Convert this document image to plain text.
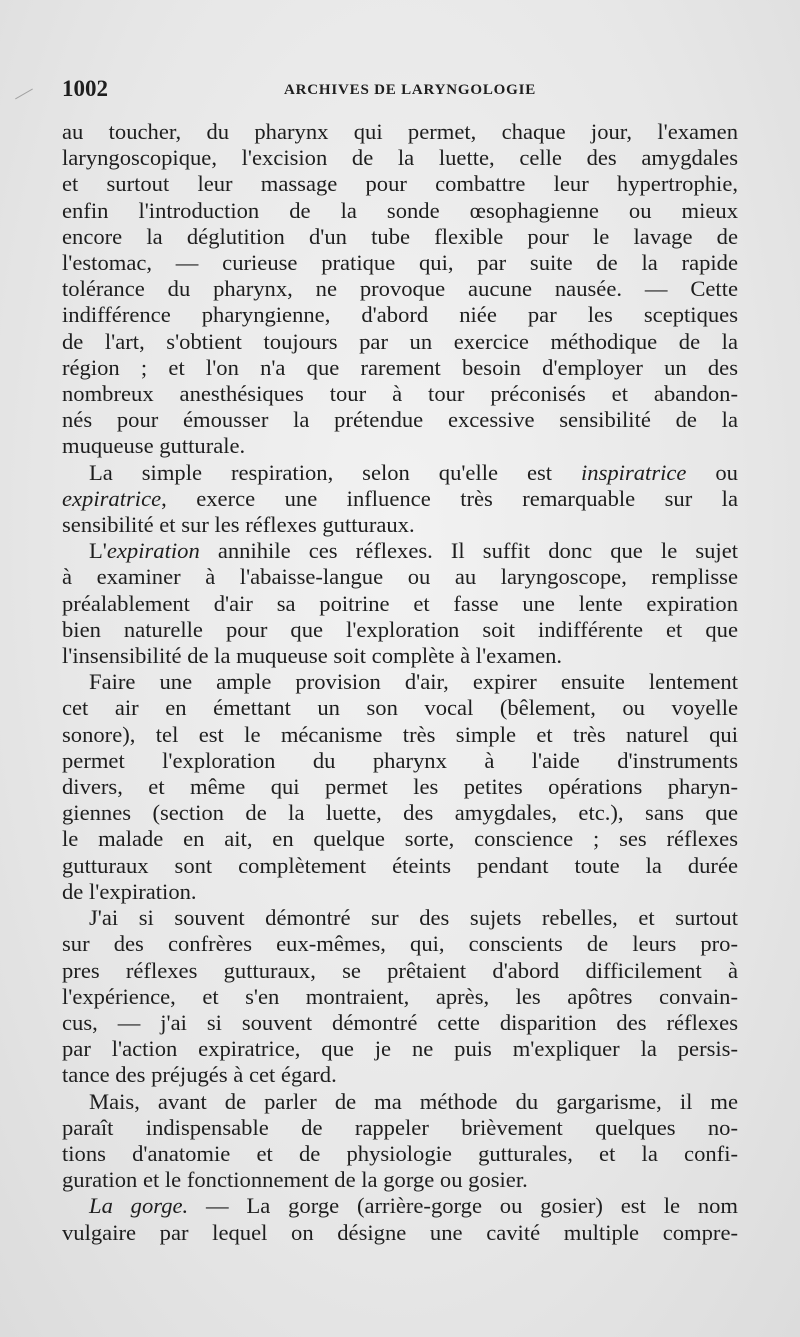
1002	ARCHIVES DE LARYNGOLOGIE
au toucher, du pharynx qui permet, chaque jour, l'examen
laryngoscopique, l'excision de la luette, celle des amygdales
et surtout leur massage pour combattre leur hypertrophie,
enfin l'introduction de la sonde œsophagienne ou mieux
encore la déglutition d'un tube flexible pour le lavage de
l'estomac, — curieuse pratique qui, par suite de la rapide
tolérance du pharynx, ne provoque aucune nausée. — Cette
indifférence pharyngienne, d'abord niée par les sceptiques
de l'art, s'obtient toujours par un exercice méthodique de la
région ; et l'on n'a que rarement besoin d'employer un des
nombreux anesthésiques tour à tour préconisés et abandon-
nés pour émousser la prétendue excessive sensibilité de la
muqueuse gutturale.
La simple respiration, selon qu'elle est inspiratrice ou
expiratrice, exerce une influence très remarquable sur la
sensibilité et sur les réflexes gutturaux.
L'expiration annihile ces réflexes. Il suffit donc que le sujet
à examiner à l'abaisse-langue ou au laryngoscope, remplisse
préalablement d'air sa poitrine et fasse une lente expiration
bien naturelle pour que l'exploration soit indifférente et que
l'insensibilité de la muqueuse soit complète à l'examen.
Faire une ample provision d'air, expirer ensuite lentement
cet air en émettant un son vocal (bêlement, ou voyelle
sonore), tel est le mécanisme très simple et très naturel qui
permet l'exploration du pharynx à l'aide d'instruments
divers, et même qui permet les petites opérations pharyn-
giennes (section de la luette, des amygdales, etc.), sans que
le malade en ait, en quelque sorte, conscience ; ses réflexes
gutturaux sont complètement éteints pendant toute la durée
de l'expiration.
J'ai si souvent démontré sur des sujets rebelles, et surtout
sur des confrères eux-mêmes, qui, conscients de leurs pro-
pres réflexes gutturaux, se prêtaient d'abord difficilement à
l'expérience, et s'en montraient, après, les apôtres convain-
cus, — j'ai si souvent démontré cette disparition des réflexes
par l'action expiratrice, que je ne puis m'expliquer la persis-
tance des préjugés à cet égard.
Mais, avant de parler de ma méthode du gargarisme, il me
paraît indispensable de rappeler brièvement quelques no-
tions d'anatomie et de physiologie gutturales, et la confi-
guration et le fonctionnement de la gorge ou gosier.
La gorge. — La gorge (arrière-gorge ou gosier) est le nom
vulgaire par lequel on désigne une cavité multiple compre-
